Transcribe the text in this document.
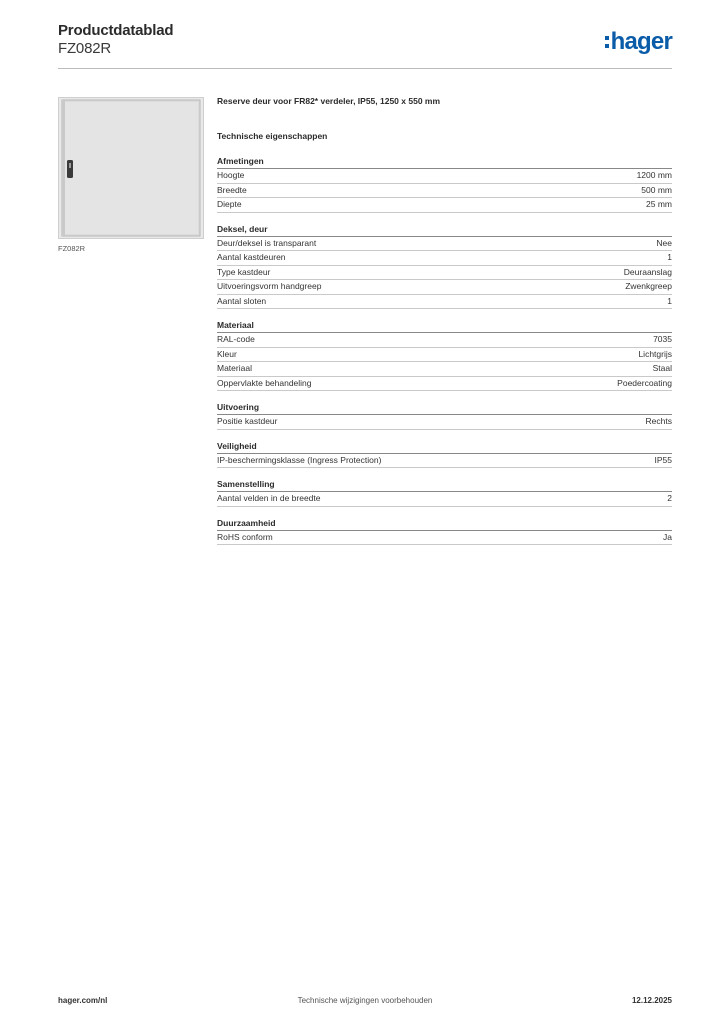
Productdatablad
FZ082R	hager
FZ082R
Reserve deur voor FR82* verdeler, IP55, 1250 x 550 mm
Technische eigenschappen
Afmetingen
Hoogte	1200 mm
Breedte	500 mm
Diepte	25 mm
Deksel, deur
Deur/deksel is transparant	Nee
Aantal kastdeuren	1
Type kastdeur	Deuraanslag
Uitvoeringsvorm handgreep	Zwenkgreep
Aantal sloten	1
Materiaal
RAL-code	7035
Kleur	Lichtgrijs
Materiaal	Staal
Oppervlakte behandeling	Poedercoating
Uitvoering
Positie kastdeur	Rechts
Veiligheid
IP-beschermingsklasse (Ingress Protection)	IP55
Samenstelling
Aantal velden in de breedte	2
Duurzaamheid
RoHS conform	Ja
hager.com/nl	Technische wijzigingen voorbehouden	12.12.2025
